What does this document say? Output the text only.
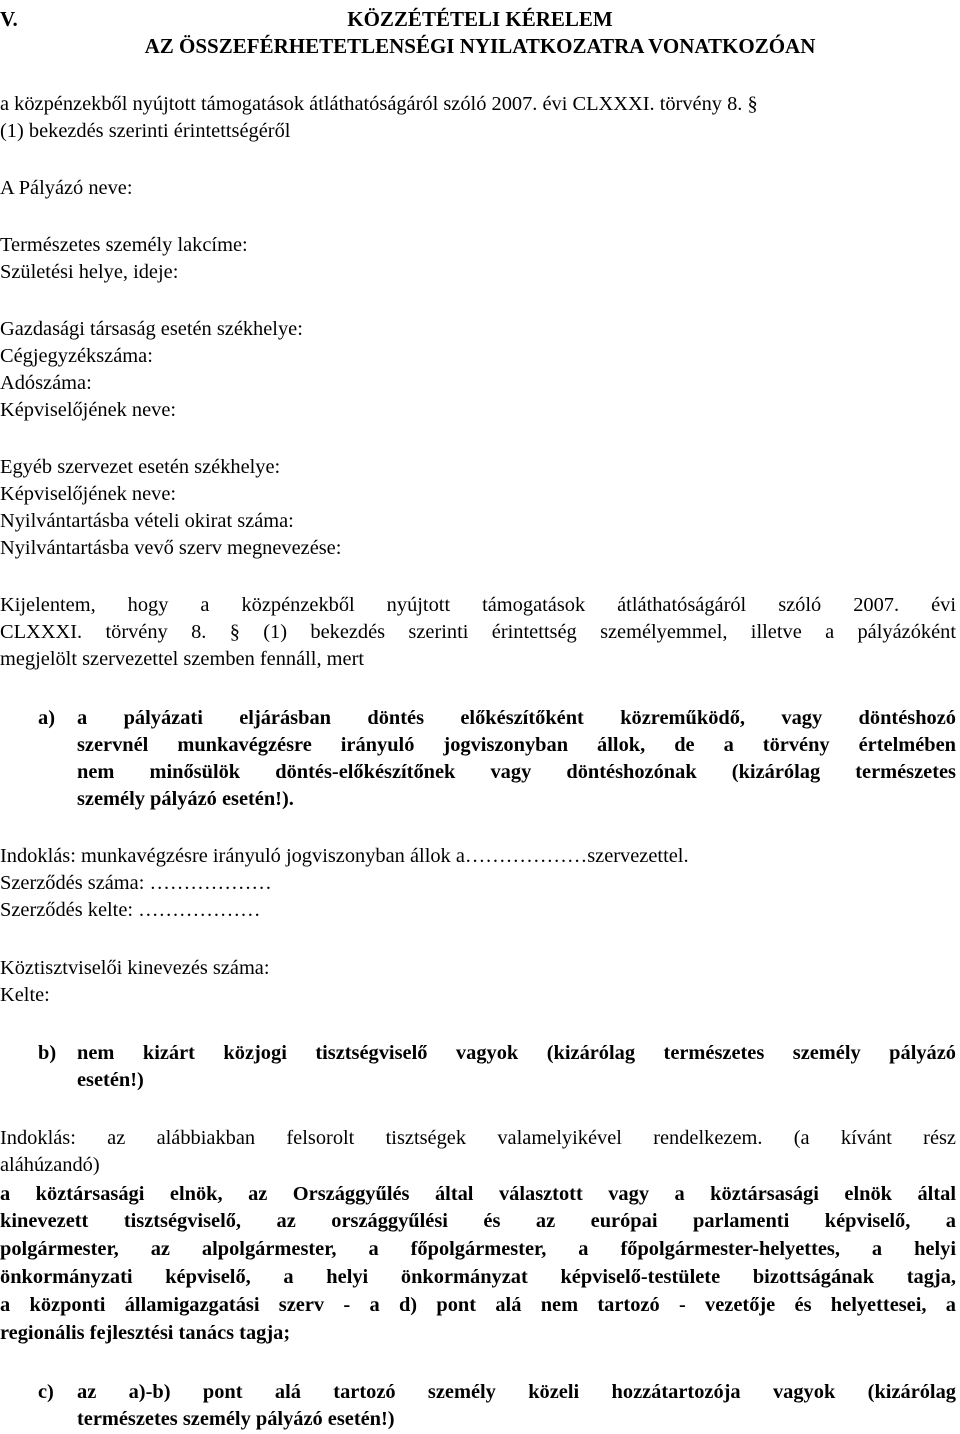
V.	KÖZZÉTÉTELI KÉRELEM
AZ ÖSSZEFÉRHETETLENSÉGI NYILATKOZATRA VONATKOZÓAN
a közpénzekből nyújtott támogatások átláthatóságáról szóló 2007. évi CLXXXI. törvény 8. §
(1) bekezdés szerinti érintettségéről
A Pályázó neve:
Természetes személy lakcíme:
Születési helye, ideje:
Gazdasági társaság esetén székhelye:
Cégjegyzékszáma:
Adószáma:
Képviselőjének neve:
Egyéb szervezet esetén székhelye:
Képviselőjének neve:
Nyilvántartásba vételi okirat száma:
Nyilvántartásba vevő szerv megnevezése:
Kijelentem, hogy a közpénzekből nyújtott támogatások átláthatóságáról szóló 2007. évi
CLXXXI. törvény 8. § (1) bekezdés szerinti érintettség személyemmel, illetve a pályázóként
megjelölt szervezettel szemben fennáll, mert
a) a pályázati eljárásban döntés előkészítőként közreműködő, vagy döntéshozó
szervnél munkavégzésre irányuló jogviszonyban állok, de a törvény értelmében
nem minősülök döntés-előkészítőnek vagy döntéshozónak (kizárólag természetes
személy pályázó esetén!).
Indoklás: munkavégzésre irányuló jogviszonyban állok a………………szervezettel.
Szerződés száma: ………………
Szerződés kelte: ………………
Köztisztviselői kinevezés száma:
Kelte:
b) nem kizárt közjogi tisztségviselő vagyok (kizárólag természetes személy pályázó
esetén!)
Indoklás: az alábbiakban felsorolt tisztségek valamelyikével rendelkezem. (a kívánt rész
aláhúzandó)
a köztársasági elnök, az Országgyűlés által választott vagy a köztársasági elnök által
kinevezett tisztségviselő, az országgyűlési és az európai parlamenti képviselő, a
polgármester, az alpolgármester, a főpolgármester, a főpolgármester-helyettes, a helyi
önkormányzati képviselő, a helyi önkormányzat képviselő-testülete bizottságának tagja,
a központi államigazgatási szerv - a d) pont alá nem tartozó - vezetője és helyettesei, a
regionális fejlesztési tanács tagja;
c) az a)-b) pont alá tartozó személy közeli hozzátartozója vagyok (kizárólag
természetes személy pályázó esetén!)
